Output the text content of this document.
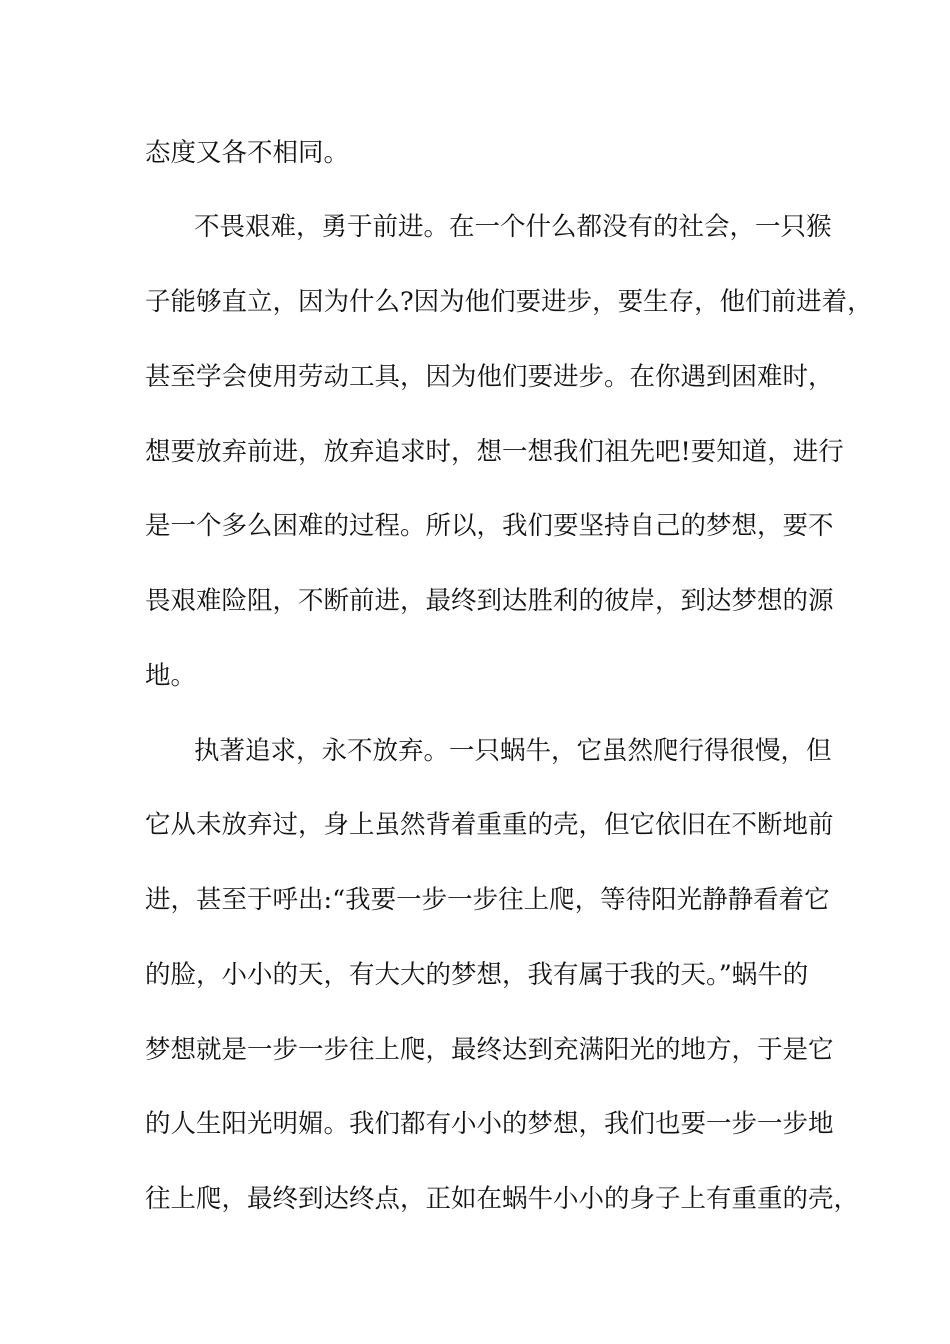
态度又各不相同。
不畏艰难，勇于前进。在一个什么都没有的社会，一只猴
子能够直立，因为什么?因为他们要进步，要生存，他们前进着，
甚至学会使用劳动工具，因为他们要进步。在你遇到困难时，
想要放弃前进，放弃追求时，想一想我们祖先吧!要知道，进行
是一个多么困难的过程。所以，我们要坚持自己的梦想，要不
畏艰难险阻，不断前进，最终到达胜利的彼岸，到达梦想的源
地。
执著追求，永不放弃。一只蜗牛，它虽然爬行得很慢，但
它从未放弃过，身上虽然背着重重的壳，但它依旧在不断地前
进，甚至于呼出:“我要一步一步往上爬，等待阳光静静看着它
的脸，小小的天，有大大的梦想，我有属于我的天。”蜗牛的
梦想就是一步一步往上爬，最终达到充满阳光的地方，于是它
的人生阳光明媚。我们都有小小的梦想，我们也要一步一步地
往上爬，最终到达终点，正如在蜗牛小小的身子上有重重的壳，
